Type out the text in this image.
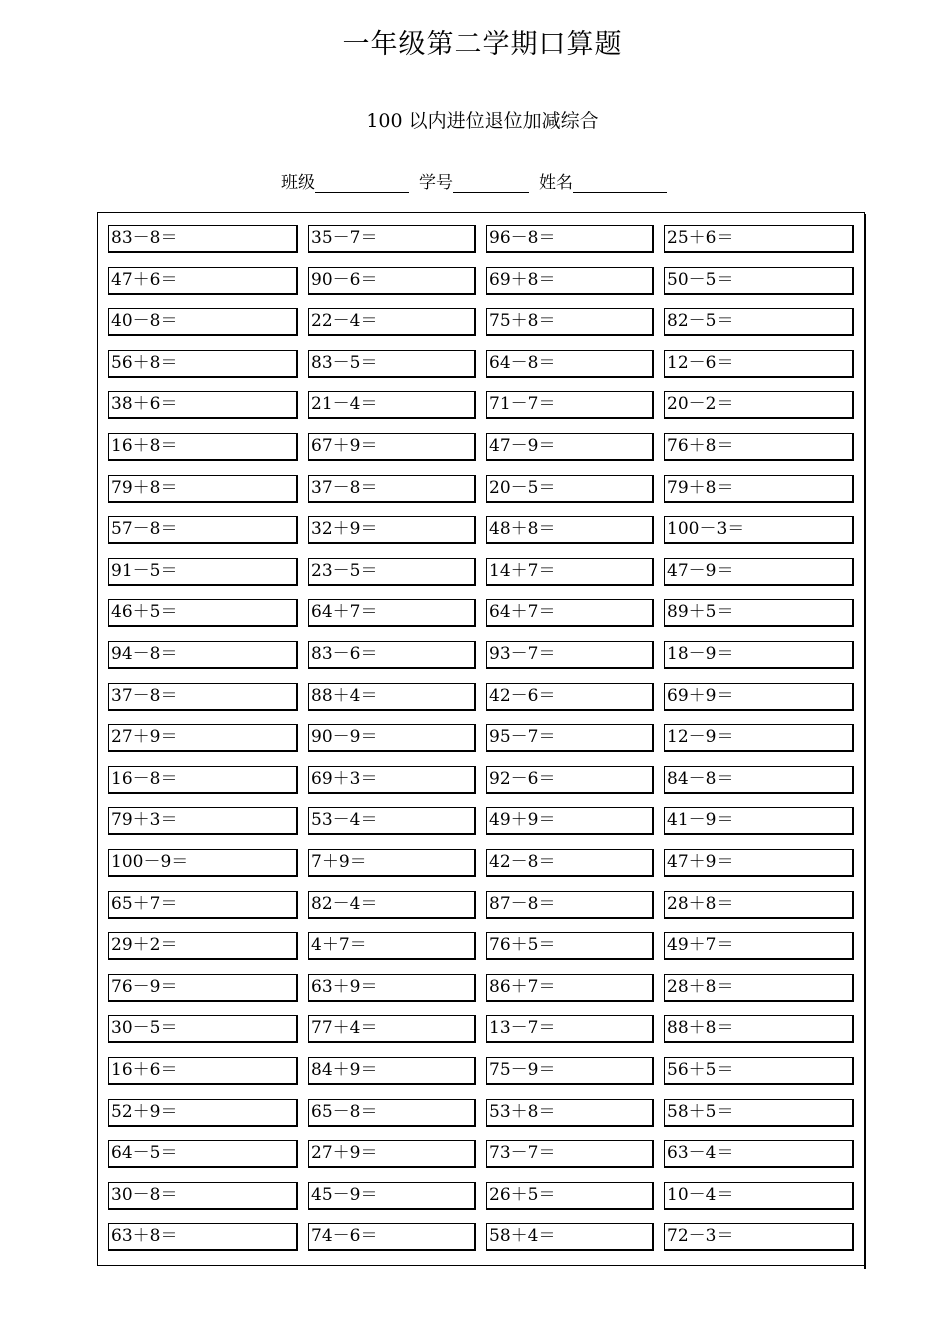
一年级第二学期口算题
100 以内进位退位加减综合
班级	学号	姓名
83－8＝	35－7＝	96－8＝	25＋6＝
47＋6＝	90－6＝	69＋8＝	50－5＝
40－8＝	22－4＝	75＋8＝	82－5＝
56＋8＝	83－5＝	64－8＝	12－6＝
38＋6＝	21－4＝	71－7＝	20－2＝
16＋8＝	67＋9＝	47－9＝	76＋8＝
79＋8＝	37－8＝	20－5＝	79＋8＝
57－8＝	32＋9＝	48＋8＝	100－3＝
91－5＝	23－5＝	14＋7＝	47－9＝
46＋5＝	64＋7＝	64＋7＝	89＋5＝
94－8＝	83－6＝	93－7＝	18－9＝
37－8＝	88＋4＝	42－6＝	69＋9＝
27＋9＝	90－9＝	95－7＝	12－9＝
16－8＝	69＋3＝	92－6＝	84－8＝
79＋3＝	53－4＝	49＋9＝	41－9＝
100－9＝	7＋9＝	42－8＝	47＋9＝
65＋7＝	82－4＝	87－8＝	28＋8＝
29＋2＝	4＋7＝	76＋5＝	49＋7＝
76－9＝	63＋9＝	86＋7＝	28＋8＝
30－5＝	77＋4＝	13－7＝	88＋8＝
16＋6＝	84＋9＝	75－9＝	56＋5＝
52＋9＝	65－8＝	53＋8＝	58＋5＝
64－5＝	27＋9＝	73－7＝	63－4＝
30－8＝	45－9＝	26＋5＝	10－4＝
63＋8＝	74－6＝	58＋4＝	72－3＝
